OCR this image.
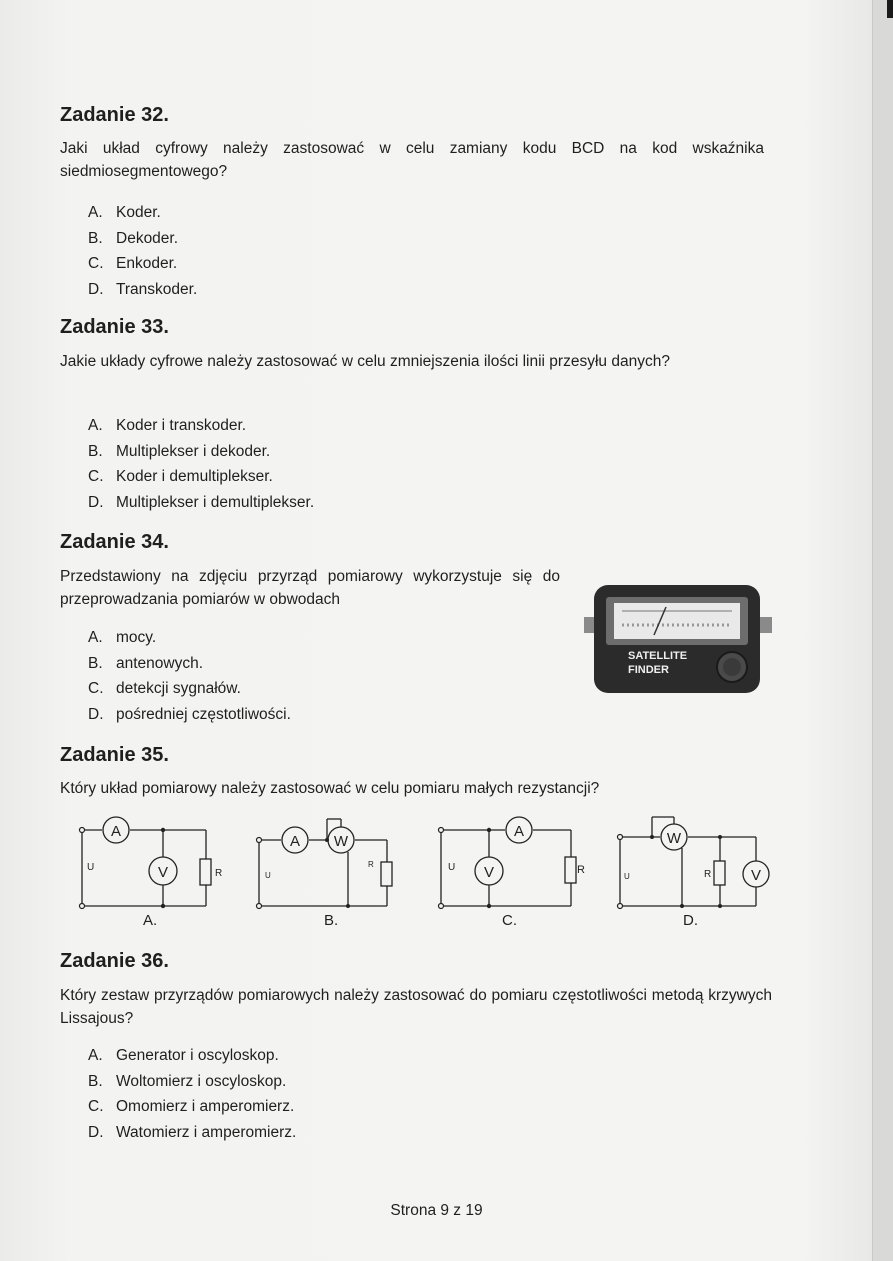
Zadanie 32.

Jaki układ cyfrowy należy zastosować w celu zamiany kodu BCD na kod wskaźnika siedmiosegmentowego?

A. Koder.
B. Dekoder.
C. Enkoder.
D. Transkoder.
Zadanie 33.

Jakie układy cyfrowe należy zastosować w celu zmniejszenia ilości linii przesyłu danych?

A. Koder i transkoder.
B. Multiplekser i dekoder.
C. Koder i demultiplekser.
D. Multiplekser i demultiplekser.
Zadanie 34.

Przedstawiony na zdjęciu przyrząd pomiarowy wykorzystuje się do przeprowadzania pomiarów w obwodach

A. mocy.
B. antenowych.
C. detekcji sygnałów.
D. pośredniej częstotliwości.
SATELLITE
FINDER
Zadanie 35.

Który układ pomiarowy należy zastosować w celu pomiaru małych rezystancji?

A
V
U
R
A.
A W
U
R
B.
A
V
U	R
C.
W
V
U	R
D.
Zadanie 36.

Który zestaw przyrządów pomiarowych należy zastosować do pomiaru częstotliwości metodą krzywych Lissajous?

A. Generator i oscyloskop.
B. Woltomierz i oscyloskop.
C. Omomierz i amperomierz.
D. Watomierz i amperomierz.
Strona 9 z 19
